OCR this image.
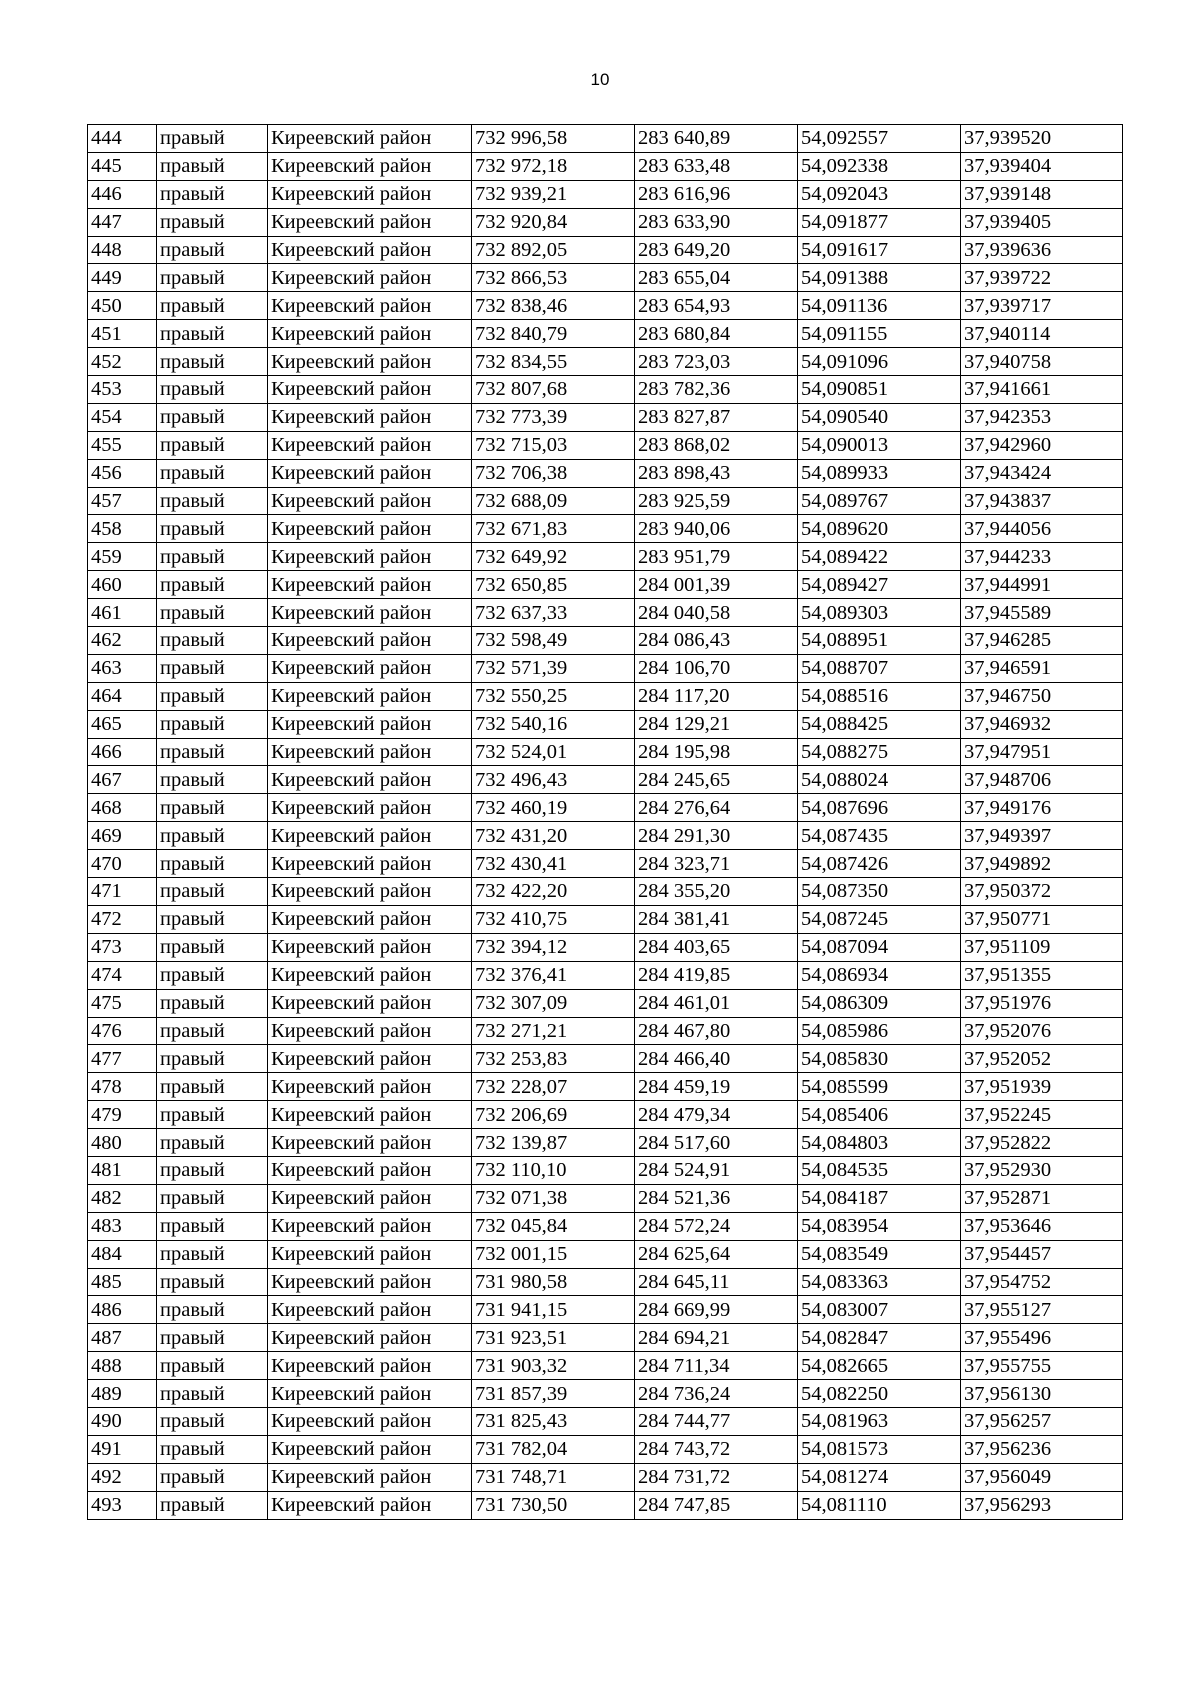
10
444	правый	Киреевский район	732 996,58	283 640,89	54,092557	37,939520
445	правый	Киреевский район	732 972,18	283 633,48	54,092338	37,939404
446	правый	Киреевский район	732 939,21	283 616,96	54,092043	37,939148
447	правый	Киреевский район	732 920,84	283 633,90	54,091877	37,939405
448	правый	Киреевский район	732 892,05	283 649,20	54,091617	37,939636
449	правый	Киреевский район	732 866,53	283 655,04	54,091388	37,939722
450	правый	Киреевский район	732 838,46	283 654,93	54,091136	37,939717
451	правый	Киреевский район	732 840,79	283 680,84	54,091155	37,940114
452	правый	Киреевский район	732 834,55	283 723,03	54,091096	37,940758
453	правый	Киреевский район	732 807,68	283 782,36	54,090851	37,941661
454	правый	Киреевский район	732 773,39	283 827,87	54,090540	37,942353
455	правый	Киреевский район	732 715,03	283 868,02	54,090013	37,942960
456	правый	Киреевский район	732 706,38	283 898,43	54,089933	37,943424
457	правый	Киреевский район	732 688,09	283 925,59	54,089767	37,943837
458	правый	Киреевский район	732 671,83	283 940,06	54,089620	37,944056
459	правый	Киреевский район	732 649,92	283 951,79	54,089422	37,944233
460	правый	Киреевский район	732 650,85	284 001,39	54,089427	37,944991
461	правый	Киреевский район	732 637,33	284 040,58	54,089303	37,945589
462	правый	Киреевский район	732 598,49	284 086,43	54,088951	37,946285
463	правый	Киреевский район	732 571,39	284 106,70	54,088707	37,946591
464	правый	Киреевский район	732 550,25	284 117,20	54,088516	37,946750
465	правый	Киреевский район	732 540,16	284 129,21	54,088425	37,946932
466	правый	Киреевский район	732 524,01	284 195,98	54,088275	37,947951
467	правый	Киреевский район	732 496,43	284 245,65	54,088024	37,948706
468	правый	Киреевский район	732 460,19	284 276,64	54,087696	37,949176
469	правый	Киреевский район	732 431,20	284 291,30	54,087435	37,949397
470	правый	Киреевский район	732 430,41	284 323,71	54,087426	37,949892
471	правый	Киреевский район	732 422,20	284 355,20	54,087350	37,950372
472	правый	Киреевский район	732 410,75	284 381,41	54,087245	37,950771
473	правый	Киреевский район	732 394,12	284 403,65	54,087094	37,951109
474	правый	Киреевский район	732 376,41	284 419,85	54,086934	37,951355
475	правый	Киреевский район	732 307,09	284 461,01	54,086309	37,951976
476	правый	Киреевский район	732 271,21	284 467,80	54,085986	37,952076
477	правый	Киреевский район	732 253,83	284 466,40	54,085830	37,952052
478	правый	Киреевский район	732 228,07	284 459,19	54,085599	37,951939
479	правый	Киреевский район	732 206,69	284 479,34	54,085406	37,952245
480	правый	Киреевский район	732 139,87	284 517,60	54,084803	37,952822
481	правый	Киреевский район	732 110,10	284 524,91	54,084535	37,952930
482	правый	Киреевский район	732 071,38	284 521,36	54,084187	37,952871
483	правый	Киреевский район	732 045,84	284 572,24	54,083954	37,953646
484	правый	Киреевский район	732 001,15	284 625,64	54,083549	37,954457
485	правый	Киреевский район	731 980,58	284 645,11	54,083363	37,954752
486	правый	Киреевский район	731 941,15	284 669,99	54,083007	37,955127
487	правый	Киреевский район	731 923,51	284 694,21	54,082847	37,955496
488	правый	Киреевский район	731 903,32	284 711,34	54,082665	37,955755
489	правый	Киреевский район	731 857,39	284 736,24	54,082250	37,956130
490	правый	Киреевский район	731 825,43	284 744,77	54,081963	37,956257
491	правый	Киреевский район	731 782,04	284 743,72	54,081573	37,956236
492	правый	Киреевский район	731 748,71	284 731,72	54,081274	37,956049
493	правый	Киреевский район	731 730,50	284 747,85	54,081110	37,956293
